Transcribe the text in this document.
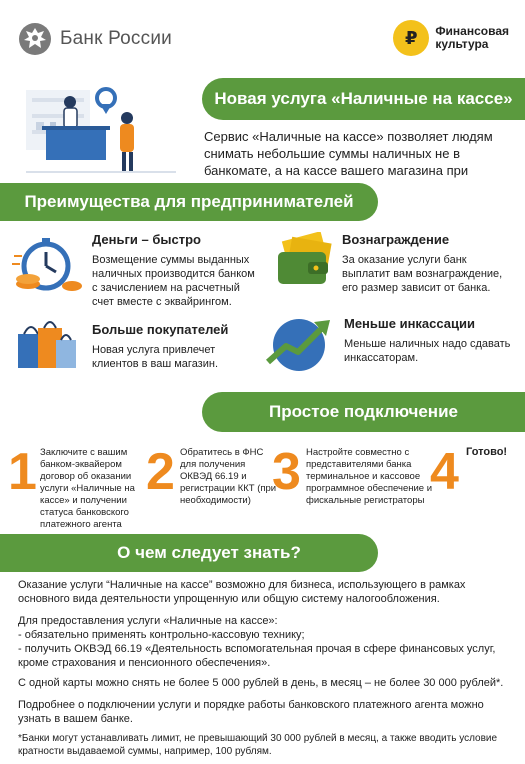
Банк России	₽	Финансовая
культура
Новая услуга «Наличные на кассе»
Сервис «Наличные на кассе» позволяет людям снимать небольшие суммы наличных не в банкомате, а на кассе вашего магазина при
Преимущества для предпринимателей
Деньги – быстро
Возмещение суммы выданных наличных производится банком с зачислением на расчетный счет вместе с эквайрингом.
Вознаграждение
За оказание услуги банк выплатит вам вознаграждение, его размер зависит от банка.
Больше покупателей
Новая услуга привлечет клиентов в ваш магазин.
Меньше инкассации
Меньше наличных надо сдавать инкассаторам.
Простое подключение
1 Заключите с вашим банком-эквайером договор об оказании услуги «Наличные на кассе» и получении статуса банковского платежного агента
2 Обратитесь в ФНС для получения ОКВЭД 66.19 и регистрации ККТ (при необходимости) 3 Настройте совместно с представителями банка терминальное и кассовое программное обеспечение и фискальные регистраторы 4 Готово!
О чем следует знать?
Оказание услуги “Наличные на кассе” возможно для бизнеса, использующего в рамках основного вида деятельности упрощенную или общую систему налогообложения.
Для предоставления услуги «Наличные на кассе»:
- обязательно применять контрольно-кассовую технику;
- получить ОКВЭД 66.19 «Деятельность вспомогательная прочая в сфере финансовых услуг, кроме страхования и пенсионного обеспечения».
С одной карты можно снять не более 5 000 рублей в день, в месяц – не более 30 000 рублей*.
Подробнее о подключении услуги и порядке работы банковского платежного агента можно узнать в вашем банке.
*Банки могут устанавливать лимит, не превышающий 30 000 рублей в месяц, а также вводить условие кратности выдаваемой суммы, например, 100 рублям.
